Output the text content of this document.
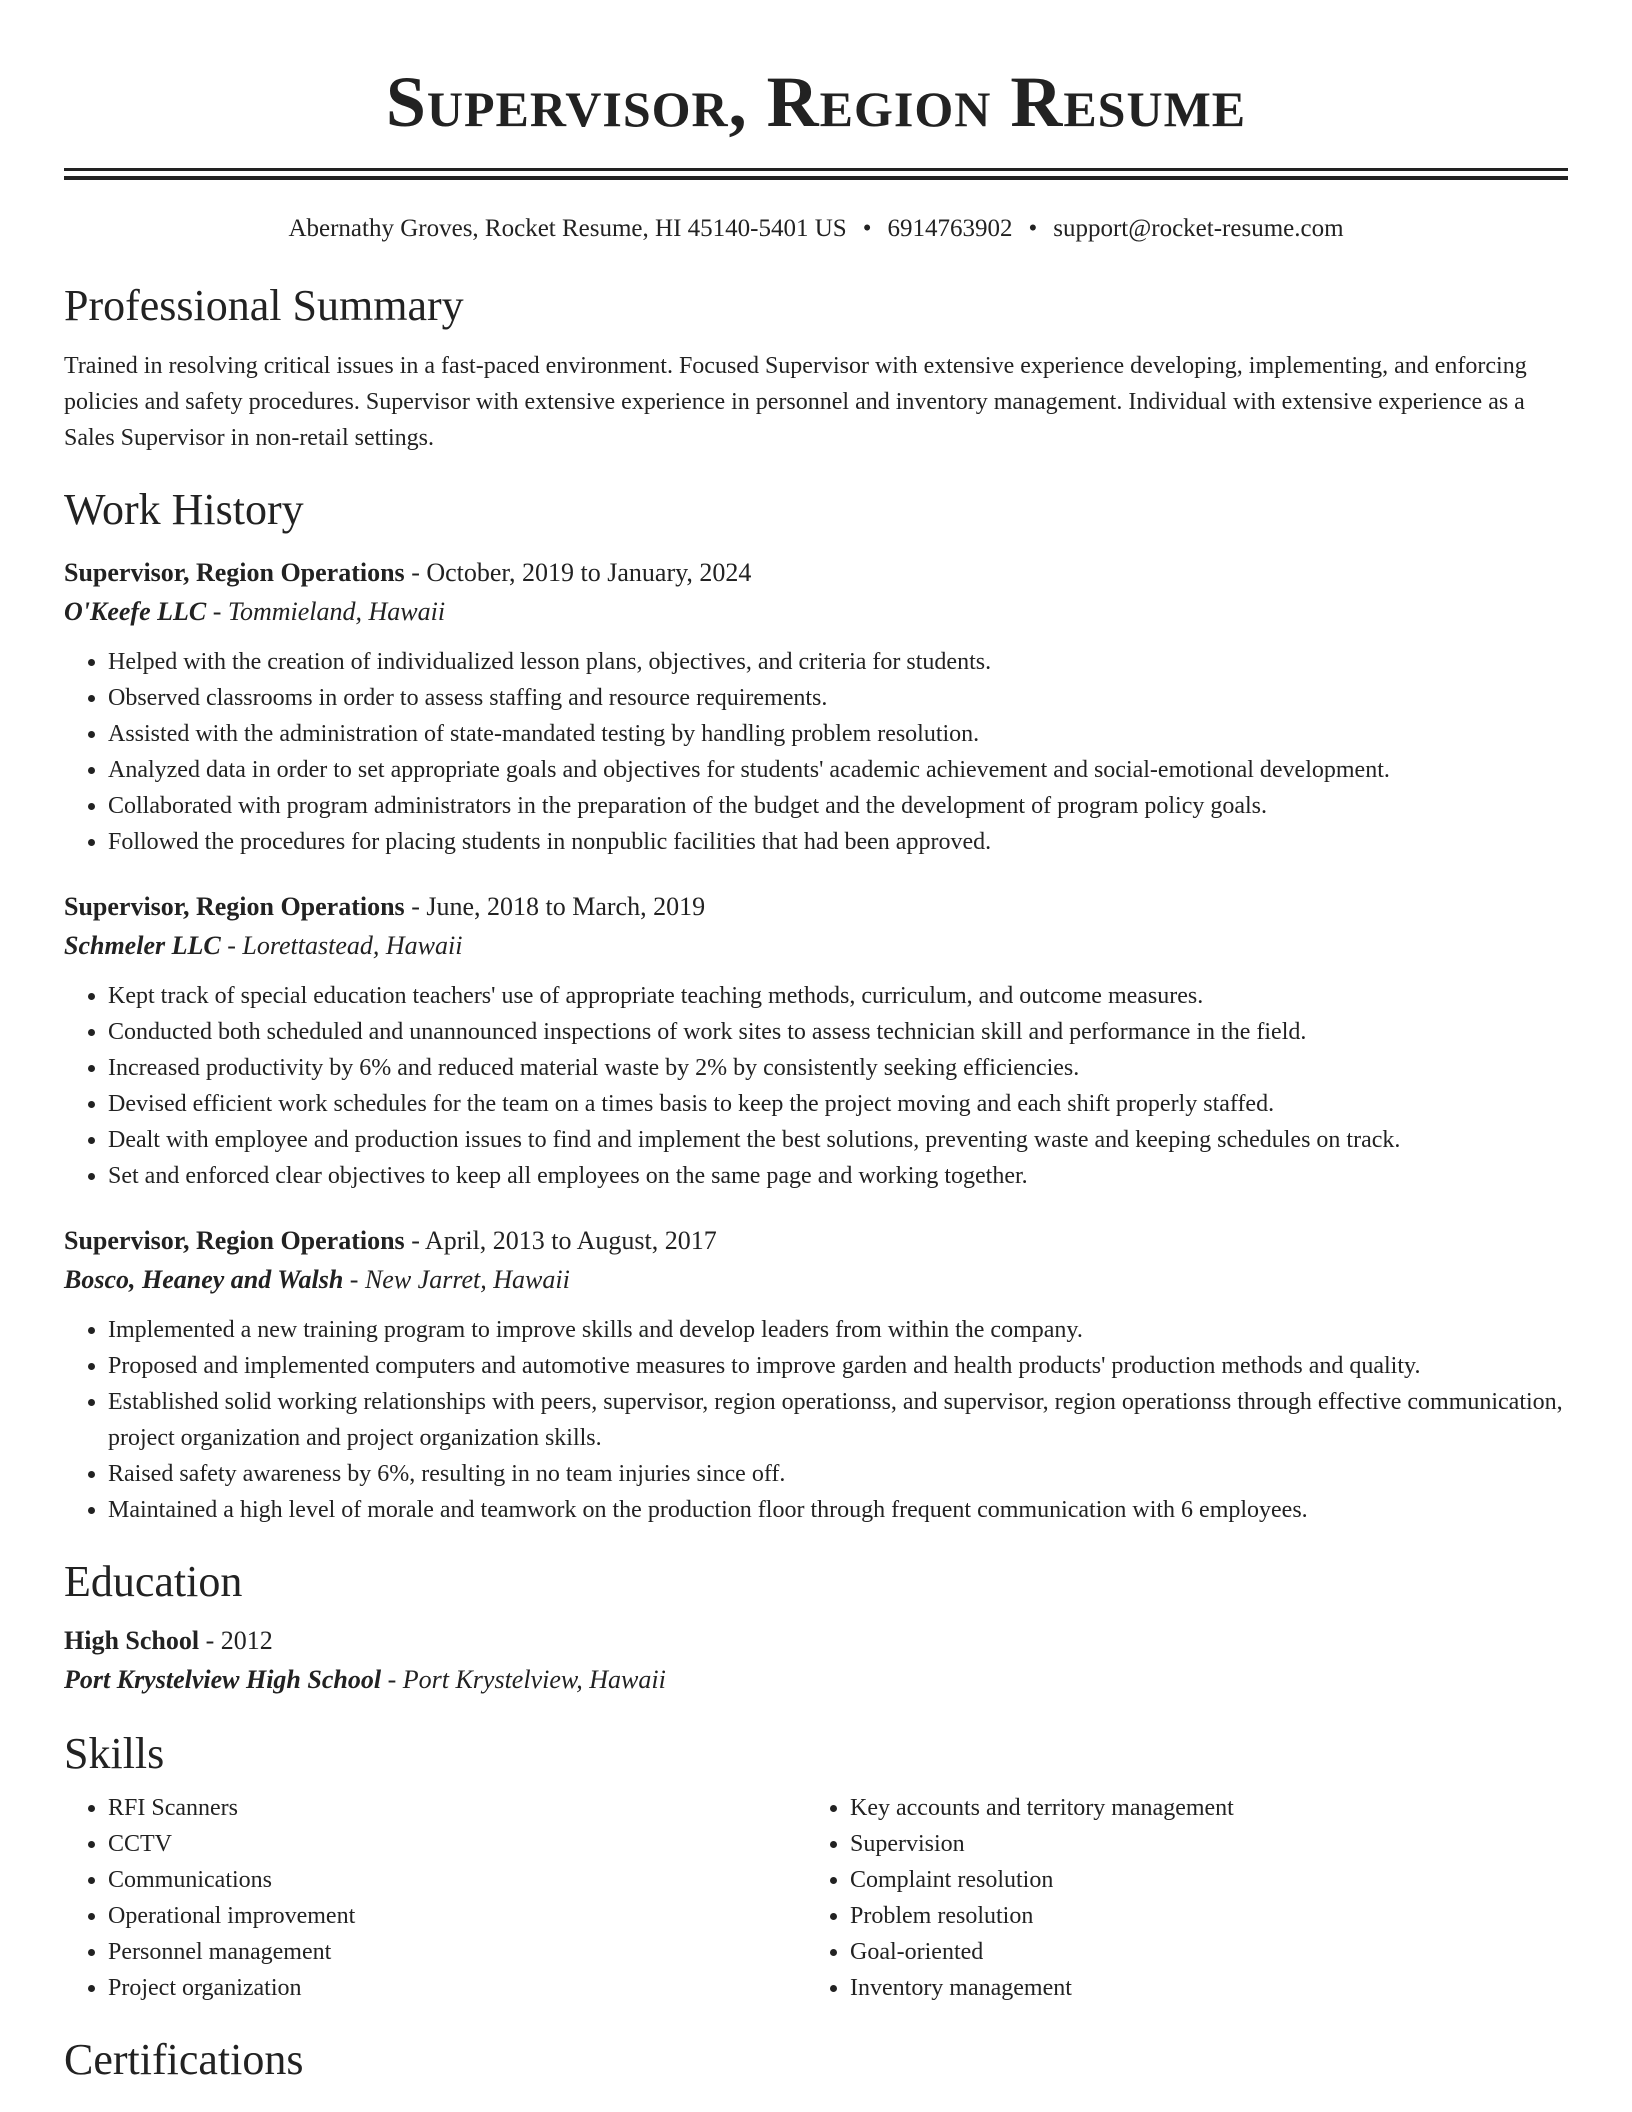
Supervisor, Region Resume
Abernathy Groves, Rocket Resume, HI 45140-5401 US • 6914763902 • support@rocket-resume.com
Professional Summary

Trained in resolving critical issues in a fast-paced environment. Focused Supervisor with extensive experience developing, implementing, and enforcing policies and safety procedures. Supervisor with extensive experience in personnel and inventory management. Individual with extensive experience as a Sales Supervisor in non-retail settings.

Work History
Supervisor, Region Operations - October, 2019 to January, 2024
O'Keefe LLC - Tommieland, Hawaii
• Helped with the creation of individualized lesson plans, objectives, and criteria for students.
• Observed classrooms in order to assess staffing and resource requirements.
• Assisted with the administration of state-mandated testing by handling problem resolution.
• Analyzed data in order to set appropriate goals and objectives for students' academic achievement and social-emotional development.
• Collaborated with program administrators in the preparation of the budget and the development of program policy goals.
• Followed the procedures for placing students in nonpublic facilities that had been approved.
Supervisor, Region Operations - June, 2018 to March, 2019
Schmeler LLC - Lorettastead, Hawaii
• Kept track of special education teachers' use of appropriate teaching methods, curriculum, and outcome measures.
• Conducted both scheduled and unannounced inspections of work sites to assess technician skill and performance in the field.
• Increased productivity by 6% and reduced material waste by 2% by consistently seeking efficiencies.
• Devised efficient work schedules for the team on a times basis to keep the project moving and each shift properly staffed.
• Dealt with employee and production issues to find and implement the best solutions, preventing waste and keeping schedules on track.
• Set and enforced clear objectives to keep all employees on the same page and working together.
Supervisor, Region Operations - April, 2013 to August, 2017
Bosco, Heaney and Walsh - New Jarret, Hawaii
• Implemented a new training program to improve skills and develop leaders from within the company.
• Proposed and implemented computers and automotive measures to improve garden and health products' production methods and quality.
• Established solid working relationships with peers, supervisor, region operationss, and supervisor, region operationss through effective communication, project organization and project organization skills.
• Raised safety awareness by 6%, resulting in no team injuries since off.
• Maintained a high level of morale and teamwork on the production floor through frequent communication with 6 employees.
Education
High School - 2012
Port Krystelview High School - Port Krystelview, Hawaii
Skills
• RFI Scanners
• CCTV
• Communications
• Operational improvement
• Personnel management
• Project organization
• Key accounts and territory management
• Supervision
• Complaint resolution
• Problem resolution
• Goal-oriented
• Inventory management
Certifications
